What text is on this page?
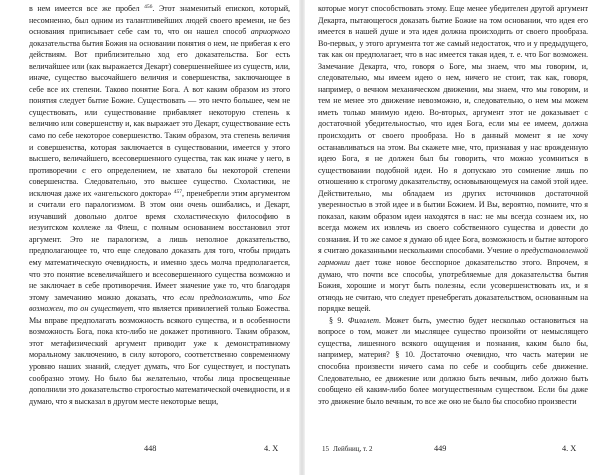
в нем имеется все же пробел $^{456}$. Этот знаменитый епископ, который, несомненно, был одним из талантливейших людей своего времени, не без основания приписывает себе сам то, что он нашел способ априорного доказательства бытия Божия на основании понятия о нем, не прибегая к его действиям. Вот приблизительно ход его доказательства. Бог есть величайшее или (как выражается Декарт) совершеннейшее из существ, или, иначе, существо высочайшего величия и совершенства, заключающее в себе все их степени. Таково понятие Бога. А вот каким образом из этого понятия следует бытие Божие. Существовать — это нечто большее, чем не существовать, или существование прибавляет некоторую степень к величию или совершенству и, как выражает это Декарт, существование есть само по себе некоторое совершенство. Таким образом, эта степень величия и совершенства, которая заключается в существовании, имеется у этого высшего, величайшего, всесовершенного существа, так как иначе у него, в противоречии с его определением, не хватало бы некоторой степени совершенства. Следовательно, это высшее существо. Схоластики, не исключая даже их «ангельского доктора» $^{457}$, пренебрегли этим аргументом и считали его паралогизмом. В этом они очень ошибались, и Декарт, изучавший довольно долгое время схоластическую философию в иезуитском коллеже ла Флеш, с полным основанием восстановил этот аргумент. Это не паралогизм, а лишь неполное доказательство, предполагающее то, что еще следовало доказать для того, чтобы придать ему математическую очевидность, и именно здесь молча предполагается, что это понятие всевеличайшего и всесовершенного существа возможно и не заключает в себе противоречия. Имеет значение уже то, что благодаря этому замечанию можно доказать, что если предположить, что Бог возможен, то он существует, что является привилегией только Божества. Мы вправе предполагать возможность всякого существа, и в особенности возможность Бога, пока кто-либо не докажет противного. Таким образом, этот метафизический аргумент приводит уже к демонстративному моральному заключению, в силу которого, соответственно современному уровню наших знаний, следует думать, что Бог существует, и поступать сообразно этому. Но было бы желательно, чтобы лица просвещенные дополнили это доказательство строгостью математической очевидности, и я думаю, что я высказал в другом месте некоторые вещи,

448	4. X

которые могут способствовать этому. Еще менее убедителен другой аргумент Декарта, пытающегося доказать бытие Божие на том основании, что идея его имеется в нашей душе и эта идея должна происходить от своего прообраза. Во-первых, у этого аргумента тот же самый недостаток, что и у предыдущего, так как он предполагает, что в нас имеется такая идея, т. е. что Бог возможен. Замечание Декарта, что, говоря о Боге, мы знаем, что мы говорим, и, следовательно, мы имеем идею о нем, ничего не стоит, так как, говоря, например, о вечном механическом движении, мы знаем, что мы говорим, и тем не менее это движение невозможно, и, следовательно, о нем мы можем иметь только мнимую идею. Во-вторых, аргумент этот не доказывает с достаточной убедительностью, что идея Бога, если мы ее имеем, должна происходить от своего прообраза. Но в данный момент я не хочу останавливаться на этом. Вы скажете мне, что, признавая у нас врожденную идею Бога, я не должен был бы говорить, что можно усомниться в существовании подобной идеи. Но я допускаю это сомнение лишь по отношению к строгому доказательству, основывающемуся на самой этой идее. Действительно, мы обладаем из других источников достаточной уверенностью в этой идее и в бытии Божием. И Вы, вероятно, помните, что я показал, каким образом идеи находятся в нас: не мы всегда сознаем их, но всегда можем их извлечь из своего собственного существа и довести до сознания. И то же самое я думаю об идее Бога, возможность и бытие которого я считаю доказанными несколькими способами. Учение о предустановленной гармонии дает тоже новое бесспорное доказательство этого. Впрочем, я думаю, что почти все способы, употребляемые для доказательства бытия Божия, хорошие и могут быть полезны, если усовершенствовать их, и я отнюдь не считаю, что следует пренебрегать доказательством, основанным на порядке вещей.

§ 9. Филалет. Может быть, уместно будет несколько остановиться на вопросе о том, может ли мыслящее существо произойти от немыслящего существа, лишенного всякого ощущения и познания, каким было бы, например, материя? § 10. Достаточно очевидно, что часть материи не способна произвести ничего сама по себе и сообщить себе движение. Следовательно, ее движение или должно быть вечным, либо должно быть сообщено ей каким-либо более могущественным существом. Если бы даже это движение было вечным, то все же оно не было бы способно произвести

15 Лейбниц, т. 2	449	4. X
